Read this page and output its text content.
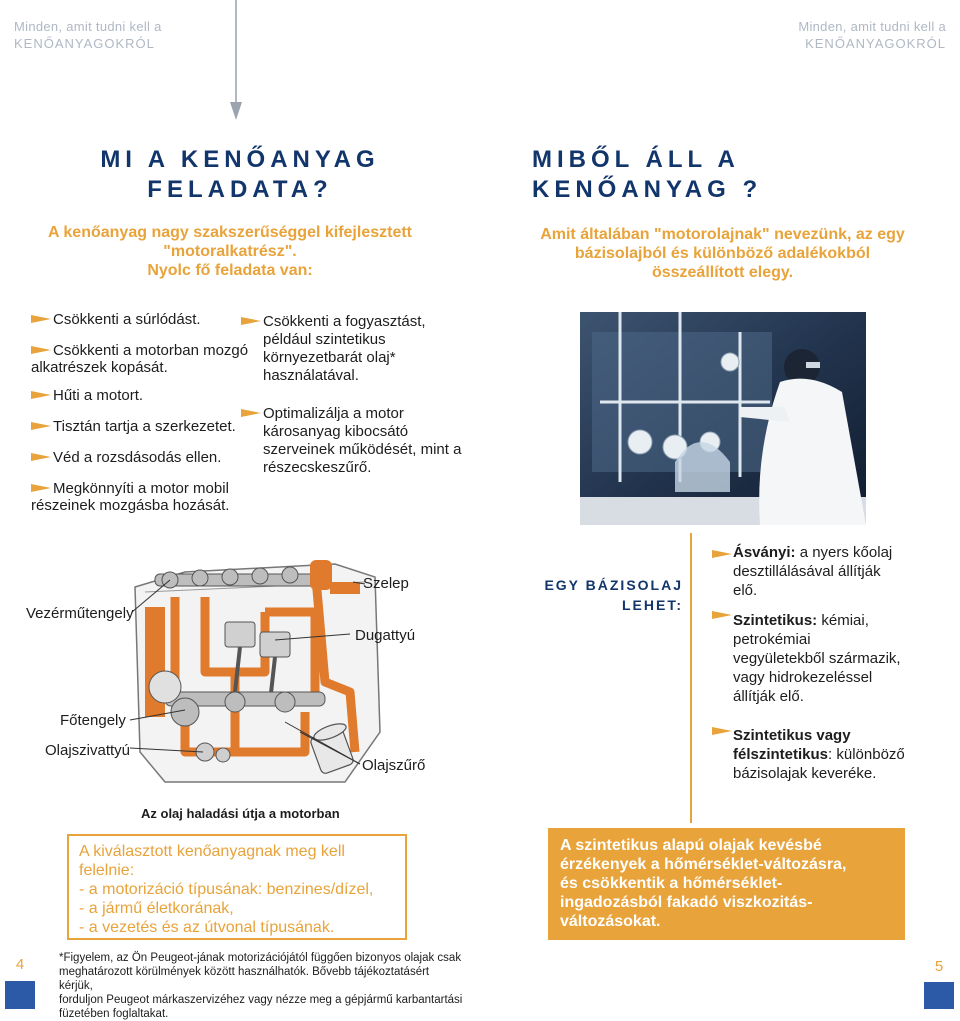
Minden, amit tudni kell a
KENŐANYAGOKRÓL
Minden, amit tudni kell a
KENŐANYAGOKRÓL
MI A KENŐANYAG
FELADATA?
A kenőanyag nagy szakszerűséggel kifejlesztett
"motoralkatrész".
Nyolc fő feladata van:
Csökkenti a súrlódást.
Csökkenti a motorban mozgó
alkatrészek kopását.
Hűti a motort.
Tisztán tartja a szerkezetet.
Véd a rozsdásodás ellen.
Megkönnyíti a motor mobil
részeinek mozgásba hozását.
Csökkenti a fogyasztást,
például szintetikus
környezetbarát olaj*
használatával.
Optimalizálja a motor
károsanyag kibocsátó
szerveinek működését, mint a
részecskeszűrő.
Vezérműtengely
Szelep
Dugattyú
Főtengely
Olajszivattyú
Olajszűrő
Az olaj haladási útja a motorban
A kiválasztott kenőanyagnak meg kell
felelnie:
- a motorizáció típusának: benzines/dízel,
- a jármű életkorának,
- a vezetés és az útvonal típusának.
*Figyelem, az Ön Peugeot-jának motorizációjától függően bizonyos olajak csak
meghatározott körülmények között használhatók. Bővebb tájékoztatásért kérjük,
forduljon Peugeot márkaszervizéhez vagy nézze meg a gépjármű karbantartási
füzetében foglaltakat.
4
MIBŐL ÁLL A KENŐANYAG ?
Amit általában "motorolajnak" nevezünk, az egy
bázisolajból és különböző adalékokból
összeállított elegy.
EGY BÁZISOLAJ
LEHET:
Ásványi: a nyers kőolaj
desztillálásával állítják
elő.
Szintetikus: kémiai,
petrokémiai
vegyületekből származik,
vagy hidrokezeléssel
állítják elő.
Szintetikus vagy
félszintetikus: különböző
bázisolajak keveréke.
A szintetikus alapú olajak kevésbé
érzékenyek a hőmérséklet-változásra,
és csökkentik a hőmérséklet-
ingadozásból fakadó viszkozitás-
változásokat.
5
